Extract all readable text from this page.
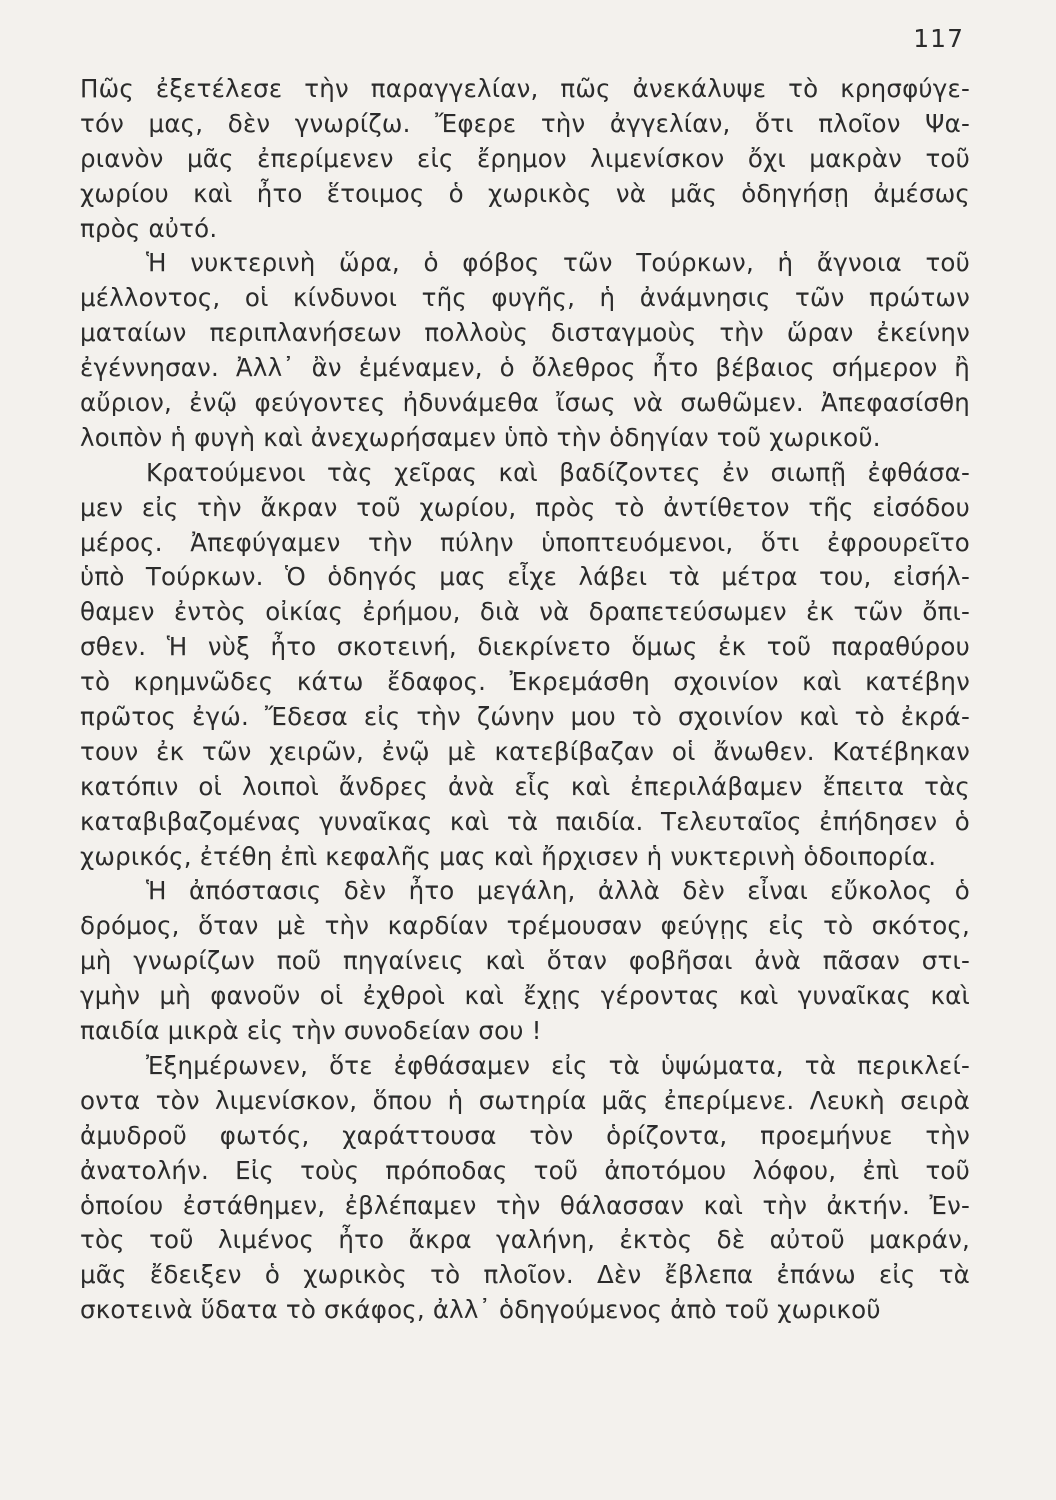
117
Πῶς ἐξετέλεσε τὴν παραγγελίαν, πῶς ἀνεκάλυψε τὸ κρησφύγε-
τόν μας, δὲν γνωρίζω. Ἔφερε τὴν ἀγγελίαν, ὅτι πλοῖον Ψα-
ριανὸν μᾶς ἐπερίμενεν εἰς ἔρημον λιμενίσκον ὄχι μακρὰν τοῦ
χωρίου καὶ ἦτο ἕτοιμος ὁ χωρικὸς νὰ μᾶς ὁδηγήσῃ ἀμέσως
πρὸς αὐτό.
Ἡ νυκτερινὴ ὥρα, ὁ φόβος τῶν Τούρκων, ἡ ἄγνοια τοῦ
μέλλοντος, οἱ κίνδυνοι τῆς φυγῆς, ἡ ἀνάμνησις τῶν πρώτων
ματαίων περιπλανήσεων πολλοὺς δισταγμοὺς τὴν ὥραν ἐκείνην
ἐγέννησαν. Ἀλλ᾿ ἂν ἐμέναμεν, ὁ ὄλεθρος ἦτο βέβαιος σήμερον ἢ
αὔριον, ἐνῷ φεύγοντες ἠδυνάμεθα ἴσως νὰ σωθῶμεν. Ἀπεφασίσθη
λοιπὸν ἡ φυγὴ καὶ ἀνεχωρήσαμεν ὑπὸ τὴν ὁδηγίαν τοῦ χωρικοῦ.
Κρατούμενοι τὰς χεῖρας καὶ βαδίζοντες ἐν σιωπῇ ἐφθάσα-
μεν εἰς τὴν ἄκραν τοῦ χωρίου, πρὸς τὸ ἀντίθετον τῆς εἰσόδου
μέρος. Ἀπεφύγαμεν τὴν πύλην ὑποπτευόμενοι, ὅτι ἐφρουρεῖτο
ὑπὸ Τούρκων. Ὁ ὁδηγός μας εἶχε λάβει τὰ μέτρα του, εἰσήλ-
θαμεν ἐντὸς οἰκίας ἐρήμου, διὰ νὰ δραπετεύσωμεν ἐκ τῶν ὄπι-
σθεν. Ἡ νὺξ ἦτο σκοτεινή, διεκρίνετο ὅμως ἐκ τοῦ παραθύρου
τὸ κρημνῶδες κάτω ἔδαφος. Ἐκρεμάσθη σχοινίον καὶ κατέβην
πρῶτος ἐγώ. Ἔδεσα εἰς τὴν ζώνην μου τὸ σχοινίον καὶ τὸ ἐκρά-
τουν ἐκ τῶν χειρῶν, ἐνῷ μὲ κατεβίβαζαν οἱ ἄνωθεν. Κατέβηκαν
κατόπιν οἱ λοιποὶ ἄνδρες ἀνὰ εἷς καὶ ἐπεριλάβαμεν ἔπειτα τὰς
καταβιβαζομένας γυναῖκας καὶ τὰ παιδία. Τελευταῖος ἐπήδησεν ὁ
χωρικός, ἐτέθη ἐπὶ κεφαλῆς μας καὶ ἤρχισεν ἡ νυκτερινὴ ὁδοιπορία.
Ἡ ἀπόστασις δὲν ἦτο μεγάλη, ἀλλὰ δὲν εἶναι εὔκολος ὁ
δρόμος, ὅταν μὲ τὴν καρδίαν τρέμουσαν φεύγῃς εἰς τὸ σκότος,
μὴ γνωρίζων ποῦ πηγαίνεις καὶ ὅταν φοβῆσαι ἀνὰ πᾶσαν στι-
γμὴν μὴ φανοῦν οἱ ἐχθροὶ καὶ ἔχῃς γέροντας καὶ γυναῖκας καὶ
παιδία μικρὰ εἰς τὴν συνοδείαν σου !
Ἐξημέρωνεν, ὅτε ἐφθάσαμεν εἰς τὰ ὑψώματα, τὰ περικλεί-
οντα τὸν λιμενίσκον, ὅπου ἡ σωτηρία μᾶς ἐπερίμενε. Λευκὴ σειρὰ
ἀμυδροῦ φωτός, χαράττουσα τὸν ὁρίζοντα, προεμήνυε τὴν
ἀνατολήν. Εἰς τοὺς πρόποδας τοῦ ἀποτόμου λόφου, ἐπὶ τοῦ
ὁποίου ἐστάθημεν, ἐβλέπαμεν τὴν θάλασσαν καὶ τὴν ἀκτήν. Ἐν-
τὸς τοῦ λιμένος ἦτο ἄκρα γαλήνη, ἐκτὸς δὲ αὐτοῦ μακράν,
μᾶς ἔδειξεν ὁ χωρικὸς τὸ πλοῖον. Δὲν ἔβλεπα ἐπάνω εἰς τὰ
σκοτεινὰ ὕδατα τὸ σκάφος, ἀλλ᾿ ὁδηγούμενος ἀπὸ τοῦ χωρικοῦ
